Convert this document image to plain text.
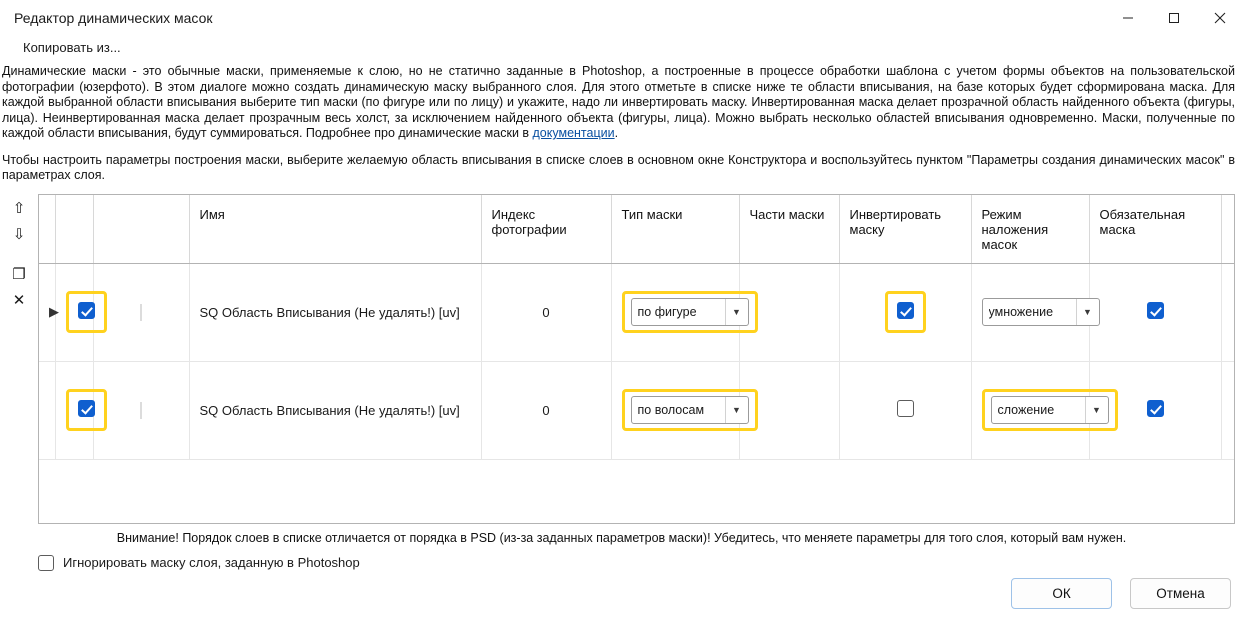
Редактор динамических масок
Копировать из...
Динамические маски - это обычные маски, применяемые к слою, но не статично заданные в Photoshop, а построенные в процессе обработки шаблона с учетом формы объектов на пользовательской фотографии (юзерфото). В этом диалоге можно создать динамическую маску выбранного слоя. Для этого отметьте в списке ниже те области вписывания, на базе которых будет сформирована маска. Для каждой выбранной области вписывания выберите тип маски (по фигуре или по лицу) и укажите, надо ли инвертировать маску. Инвертированная маска делает прозрачной область найденного объекта (фигуры, лица). Неинвертированная маска делает прозрачным весь холст, за исключением найденного объекта (фигуры, лица). Можно выбрать несколько областей вписывания одновременно. Маски, полученные по каждой области вписывания, будут суммироваться. Подробнее про динамические маски в документации.
Чтобы настроить параметры построения маски, выберите желаемую область вписывания в списке слоев в основном окне Конструктора и воспользуйтесь пунктом "Параметры создания динамических масок" в параметрах слоя.
⇧
⇩
❐
✕
			Имя	Индекс фотографии	Тип маски	Части маски	Инвертировать маску	Режим наложения масок	Обязательная маска	
▶			SQ Область Вписывания (Не удалять!) [uv]	0	по фигуре ▼			умножение ▼		

			SQ Область Вписывания (Не удалять!) [uv]	0	по волосам ▼			сложение ▼		

Внимание! Порядок слоев в списке отличается от порядка в PSD (из-за заданных параметров маски)! Убедитесь, что меняете параметры для того слоя, который вам нужен.
Игнорировать маску слоя, заданную в Photoshop
ОК	Отмена
